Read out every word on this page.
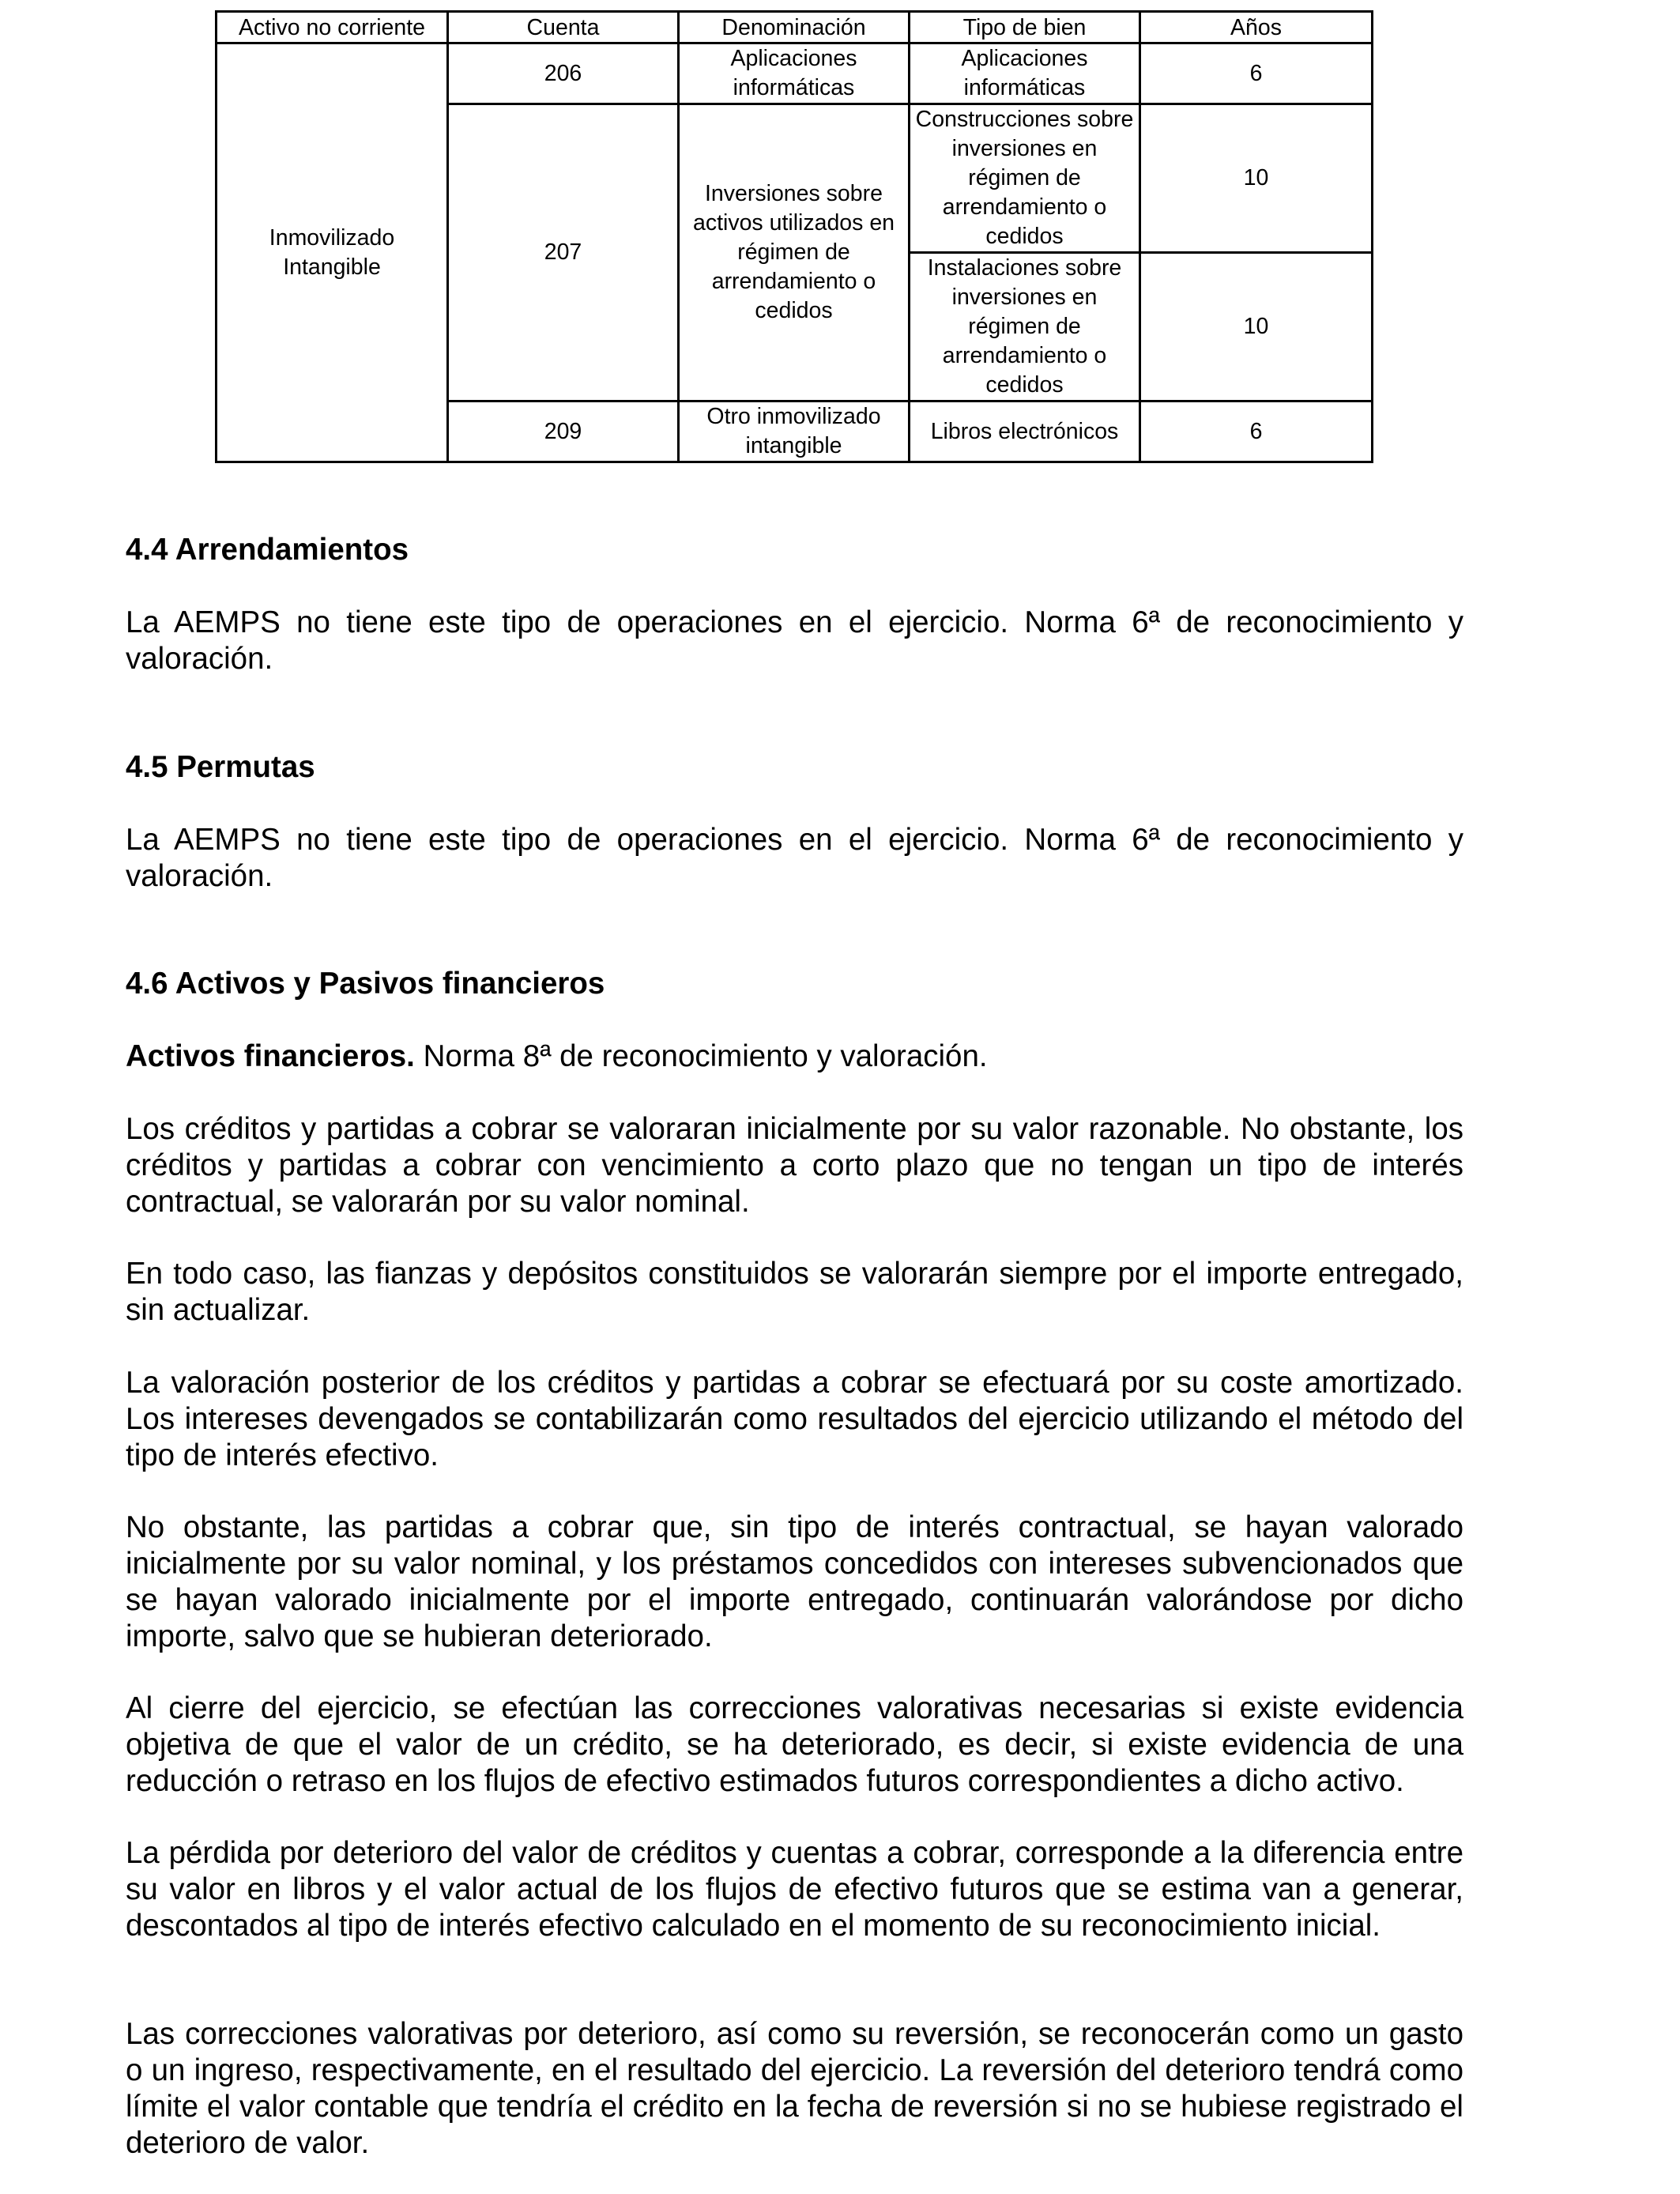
Activo no corriente	Cuenta	Denominación	Tipo de bien	Años
Inmovilizado Intangible	206	Aplicaciones informáticas	Aplicaciones informáticas	6
	207	Inversiones sobre activos utilizados en régimen de arrendamiento o cedidos	Construcciones sobre inversiones en régimen de arrendamiento o cedidos	10
			Instalaciones sobre inversiones en régimen de arrendamiento o cedidos	10
	209	Otro inmovilizado intangible	Libros electrónicos	6
4.4 Arrendamientos
La AEMPS no tiene este tipo de operaciones en el ejercicio. Norma 6ª de reconocimiento y valoración.
4.5 Permutas
La AEMPS no tiene este tipo de operaciones en el ejercicio. Norma 6ª de reconocimiento y valoración.
4.6 Activos y Pasivos financieros
Activos financieros. Norma 8ª de reconocimiento y valoración.
Los créditos y partidas a cobrar se valoraran inicialmente por su valor razonable. No obstante, los créditos y partidas a cobrar con vencimiento a corto plazo que no tengan un tipo de interés contractual, se valorarán por su valor nominal.
En todo caso, las fianzas y depósitos constituidos se valorarán siempre por el importe entregado, sin actualizar.
La valoración posterior de los créditos y partidas a cobrar se efectuará por su coste amortizado. Los intereses devengados se contabilizarán como resultados del ejercicio utilizando el método del tipo de interés efectivo.
No obstante, las partidas a cobrar que, sin tipo de interés contractual, se hayan valorado inicialmente por su valor nominal, y los préstamos concedidos con intereses subvencionados que se hayan valorado inicialmente por el importe entregado, continuarán valorándose por dicho importe, salvo que se hubieran deteriorado.
Al cierre del ejercicio, se efectúan las correcciones valorativas necesarias si existe evidencia objetiva de que el valor de un crédito, se ha deteriorado, es decir, si existe evidencia de una reducción o retraso en los flujos de efectivo estimados futuros correspondientes a dicho activo.
La pérdida por deterioro del valor de créditos y cuentas a cobrar, corresponde a la diferencia entre su valor en libros y el valor actual de los flujos de efectivo futuros que se estima van a generar, descontados al tipo de interés efectivo calculado en el momento de su reconocimiento inicial.
Las correcciones valorativas por deterioro, así como su reversión, se reconocerán como un gasto o un ingreso, respectivamente, en el resultado del ejercicio. La reversión del deterioro tendrá como límite el valor contable que tendría el crédito en la fecha de reversión si no se hubiese registrado el deterioro de valor.
